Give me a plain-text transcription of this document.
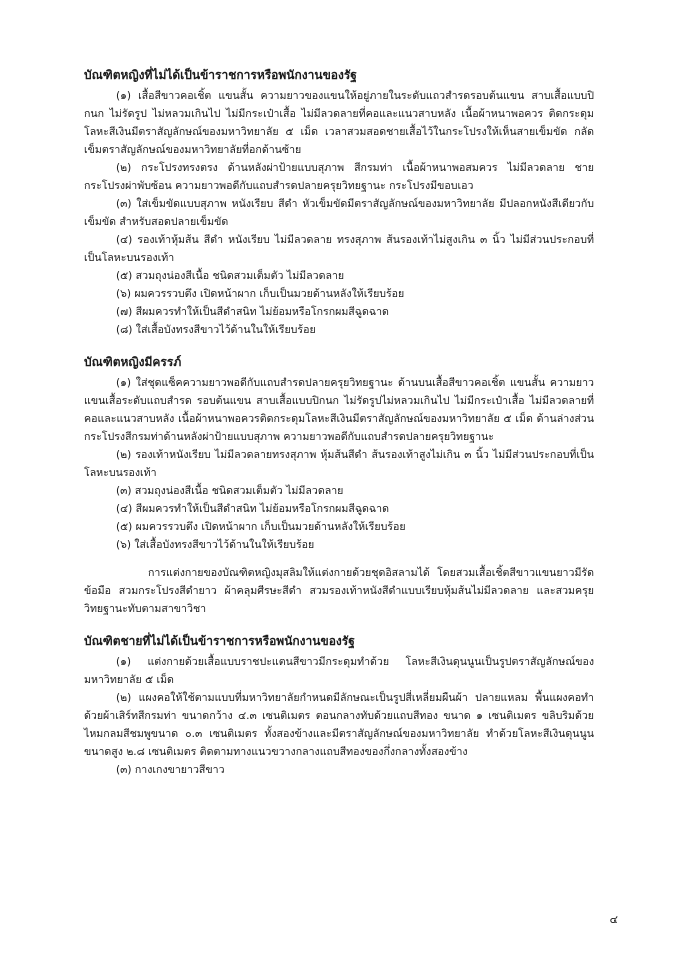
บัณฑิตหญิงที่ไม่ได้เป็นข้าราชการหรือพนักงานของรัฐ

(๑) เสื้อสีขาวคอเชิ้ต แขนสั้น ความยาวของแขนให้อยู่ภายในระดับแถวสำรดรอบต้นแขน สาบเสื้อแบบปิกนก ไม่รัดรูป ไม่หลวมเกินไป ไม่มีกระเป๋าเสื้อ ไม่มีลวดลายที่คอและแนวสาบหลัง เนื้อผ้าหนาพอควร ติดกระดุมโลหะสีเงินมีตราสัญลักษณ์ของมหาวิทยาลัย ๕ เม็ด เวลาสวมสอดชายเสื้อไว้ในกระโปรงให้เห็นสายเข็มขัด กลัดเข็มตราสัญลักษณ์ของมหาวิทยาลัยที่อกด้านซ้าย

(๒) กระโปรงทรงตรง ด้านหลังผ่าป้ายแบบสุภาพ สีกรมท่า เนื้อผ้าหนาพอสมควร ไม่มีลวดลาย ชายกระโปรงผ่าพับซ้อน ความยาวพอดีกับแถบสำรดปลายครุยวิทยฐานะ กระโปรงมีขอบเอว

(๓) ใส่เข็มขัดแบบสุภาพ หนังเรียบ สีดำ หัวเข็มขัดมีตราสัญลักษณ์ของมหาวิทยาลัย มีปลอกหนังสีเดียวกับเข็มขัด สำหรับสอดปลายเข็มขัด

(๔) รองเท้าหุ้มส้น สีดำ หนังเรียบ ไม่มีลวดลาย ทรงสุภาพ ส้นรองเท้าไม่สูงเกิน ๓ นิ้ว ไม่มีส่วนประกอบที่เป็นโลหะบนรองเท้า

(๕) สวมถุงน่องสีเนื้อ ชนิดสวมเต็มตัว ไม่มีลวดลาย

(๖) ผมควรรวบตึง เปิดหน้าผาก เก็บเป็นมวยด้านหลังให้เรียบร้อย

(๗) สีผมควรทำให้เป็นสีดำสนิท ไม่ย้อมหรือโกรกผมสีฉูดฉาด

(๘) ใส่เสื้อบังทรงสีขาวไว้ด้านในให้เรียบร้อย

บัณฑิตหญิงมีครรภ์

(๑) ใส่ชุดแซ็คความยาวพอดีกับแถบสำรดปลายครุยวิทยฐานะ ด้านบนเสื้อสีขาวคอเชิ้ต แขนสั้น ความยาวแขนเสื้อระดับแถบสำรด รอบต้นแขน สาบเสื้อแบบปิกนก ไม่รัดรูปไม่หลวมเกินไป ไม่มีกระเป๋าเสื้อ ไม่มีลวดลายที่คอและแนวสาบหลัง เนื้อผ้าหนาพอควรติดกระดุมโลหะสีเงินมีตราสัญลักษณ์ของมหาวิทยาลัย ๕ เม็ด ด้านล่างส่วนกระโปรงสีกรมท่าด้านหลังผ่าป้ายแบบสุภาพ ความยาวพอดีกับแถบสำรดปลายครุยวิทยฐานะ

(๒) รองเท้าหนังเรียบ ไม่มีลวดลายทรงสุภาพ หุ้มส้นสีดำ ส้นรองเท้าสูงไม่เกิน ๓ นิ้ว ไม่มีส่วนประกอบที่เป็นโลหะบนรองเท้า

(๓) สวมถุงน่องสีเนื้อ ชนิดสวมเต็มตัว ไม่มีลวดลาย

(๔) สีผมควรทำให้เป็นสีดำสนิท ไม่ย้อมหรือโกรกผมสีฉูดฉาด

(๕) ผมควรรวบตึง เปิดหน้าผาก เก็บเป็นมวยด้านหลังให้เรียบร้อย

(๖) ใส่เสื้อบังทรงสีขาวไว้ด้านในให้เรียบร้อย

การแต่งกายของบัณฑิตหญิงมุสลิมให้แต่งกายด้วยชุดอิสลามได้ โดยสวมเสื้อเชิ้ตสีขาวแขนยาวมีรัดข้อมือ สวมกระโปรงสีดำยาว ผ้าคลุมศีรษะสีดำ สวมรองเท้าหนังสีดำแบบเรียบหุ้มส้นไม่มีลวดลาย และสวมครุยวิทยฐานะทับตามสาขาวิชา

บัณฑิตชายที่ไม่ได้เป็นข้าราชการหรือพนักงานของรัฐ

(๑) แต่งกายด้วยเสื้อแบบราชปะแตนสีขาวมีกระดุมทำด้วย โลหะสีเงินดุนนูนเป็นรูปตราสัญลักษณ์ของมหาวิทยาลัย ๕ เม็ด

(๒) แผงคอให้ใช้ตามแบบที่มหาวิทยาลัยกำหนดมีลักษณะเป็นรูปสี่เหลี่ยมผืนผ้า ปลายแหลม พื้นแผงคอทำด้วยผ้าเสิร์ทสีกรมท่า ขนาดกว้าง ๔.๓ เซนติเมตร ตอนกลางทับด้วยแถบสีทอง ขนาด ๑ เซนติเมตร ขลิบริมด้วยไหมกลมสีชมพูขนาด ๐.๓ เซนติเมตร ทั้งสองข้างและมีตราสัญลักษณ์ของมหาวิทยาลัย ทำด้วยโลหะสีเงินดุนนูน ขนาดสูง ๒.๘ เซนติเมตร ติดตามทางแนวขวางกลางแถบสีทองของกึ่งกลางทั้งสองข้าง

(๓) กางเกงขายาวสีขาว

๔
